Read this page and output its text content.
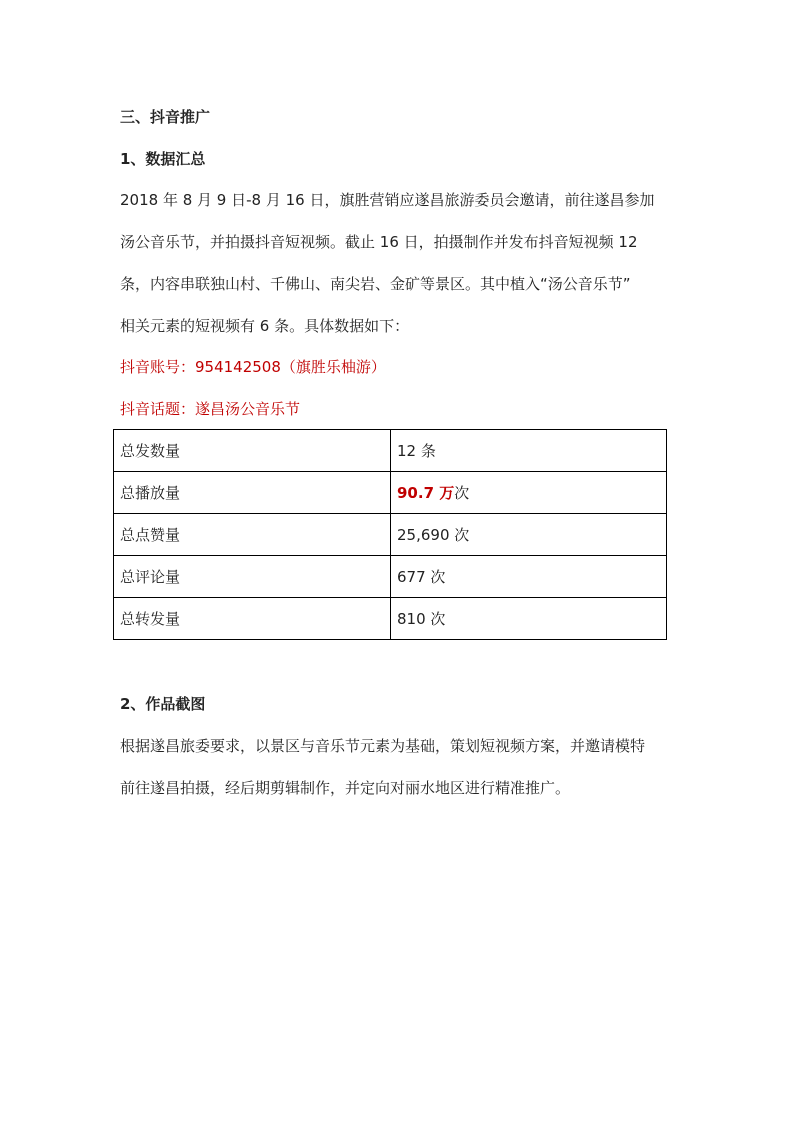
三、抖音推广
1、数据汇总

2018 年 8 月 9 日-8 月 16 日，旗胜营销应遂昌旅游委员会邀请，前往遂昌参加
汤公音乐节，并拍摄抖音短视频。截止 16 日，拍摄制作并发布抖音短视频 12
条，内容串联独山村、千佛山、南尖岩、金矿等景区。其中植入“汤公音乐节”
相关元素的短视频有 6 条。具体数据如下：

抖音账号：954142508（旗胜乐柚游）
抖音话题：遂昌汤公音乐节
总发数量	12 条
总播放量	90.7 万次
总点赞量	25,690 次
总评论量	677 次
总转发量	810 次
2、作品截图

根据遂昌旅委要求，以景区与音乐节元素为基础，策划短视频方案，并邀请模特
前往遂昌拍摄，经后期剪辑制作，并定向对丽水地区进行精准推广。
